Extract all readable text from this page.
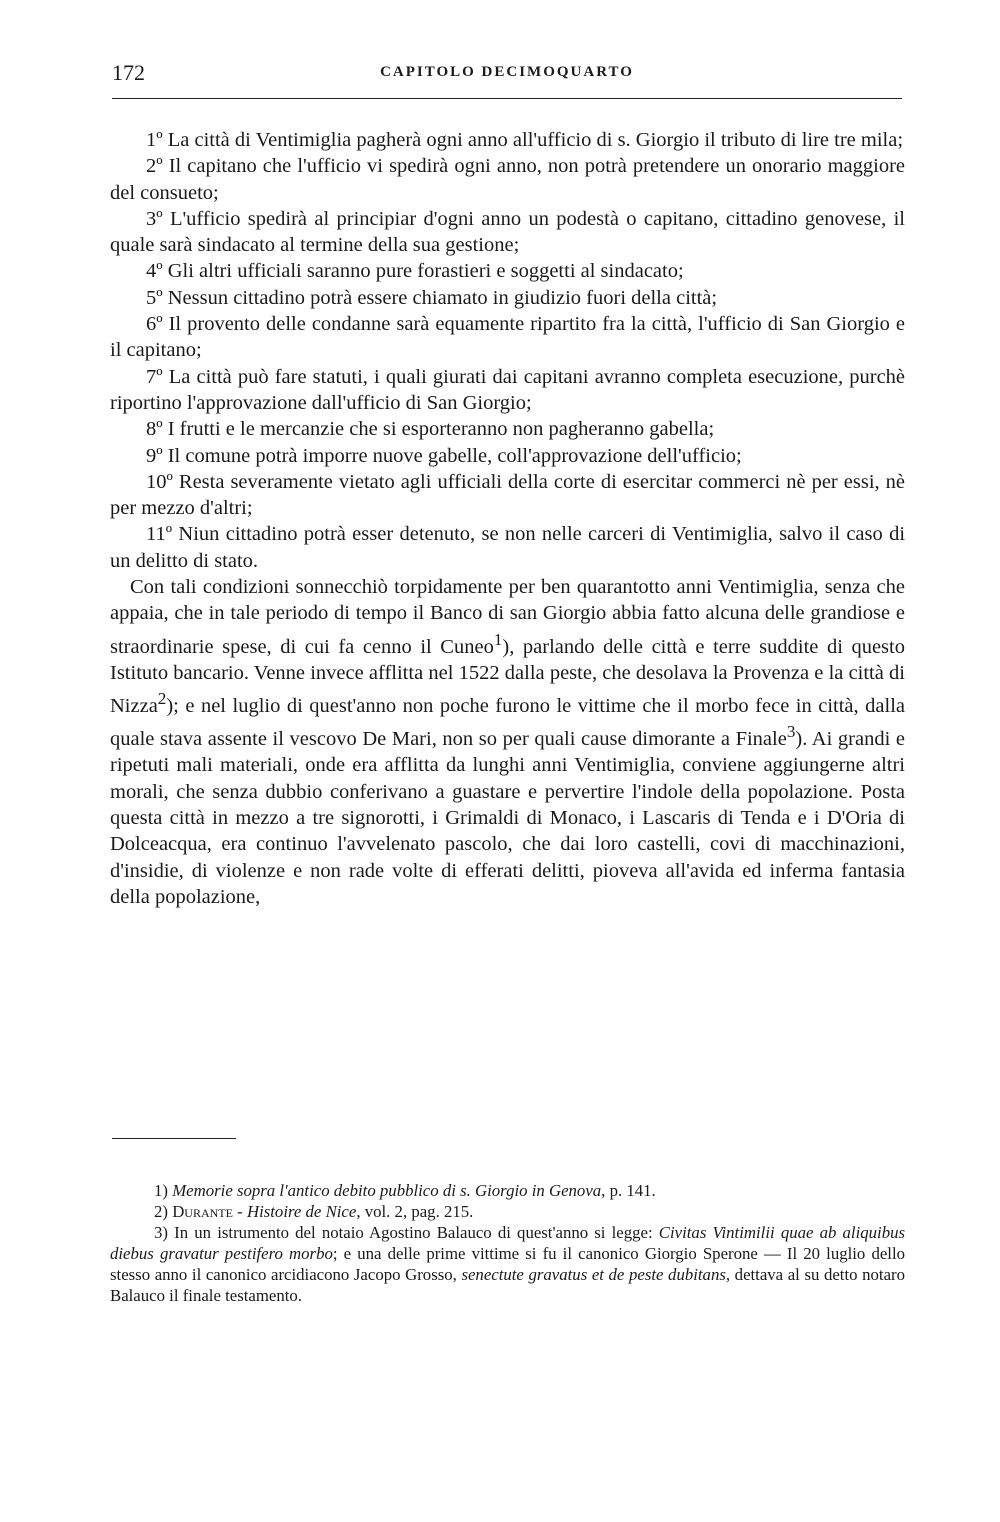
172	CAPITOLO DECIMOQUARTO

1º La città di Ventimiglia pagherà ogni anno all'ufficio di s. Giorgio il tributo di lire tre mila;

2º Il capitano che l'ufficio vi spedirà ogni anno, non potrà pretendere un onorario maggiore del consueto;

3º L'ufficio spedirà al principiar d'ogni anno un podestà o capitano, cittadino genovese, il quale sarà sindacato al termine della sua gestione;

4º Gli altri ufficiali saranno pure forastieri e soggetti al sindacato;

5º Nessun cittadino potrà essere chiamato in giudizio fuori della città;

6º Il provento delle condanne sarà equamente ripartito fra la città, l'ufficio di San Giorgio e il capitano;

7º La città può fare statuti, i quali giurati dai capitani avranno completa esecuzione, purchè riportino l'approvazione dall'ufficio di San Giorgio;

8º I frutti e le mercanzie che si esporteranno non pagheranno gabella;

9º Il comune potrà imporre nuove gabelle, coll'approvazione dell'ufficio;

10º Resta severamente vietato agli ufficiali della corte di esercitar commerci nè per essi, nè per mezzo d'altri;

11º Niun cittadino potrà esser detenuto, se non nelle carceri di Ventimiglia, salvo il caso di un delitto di stato.

Con tali condizioni sonnecchiò torpidamente per ben quarantotto anni Ventimiglia, senza che appaia, che in tale periodo di tempo il Banco di san Giorgio abbia fatto alcuna delle grandiose e straordinarie spese, di cui fa cenno il Cuneo$^1$), parlando delle città e terre suddite di questo Istituto bancario. Venne invece afflitta nel 1522 dalla peste, che desolava la Provenza e la città di Nizza$^2$); e nel luglio di quest'anno non poche furono le vittime che il morbo fece in città, dalla quale stava assente il vescovo De Mari, non so per quali cause dimorante a Finale$^3$). Ai grandi e ripetuti mali materiali, onde era afflitta da lunghi anni Ventimiglia, conviene aggiungerne altri morali, che senza dubbio conferivano a guastare e pervertire l'indole della popolazione. Posta questa città in mezzo a tre signorotti, i Grimaldi di Monaco, i Lascaris di Tenda e i D'Oria di Dolceacqua, era continuo l'avvelenato pascolo, che dai loro castelli, covi di macchinazioni, d'insidie, di violenze e non rade volte di efferati delitti, pioveva all'avida ed inferma fantasia della popolazione,

1) Memorie sopra l'antico debito pubblico di s. Giorgio in Genova, p. 141.

2) Durante - Histoire de Nice, vol. 2, pag. 215.

3) In un istrumento del notaio Agostino Balauco di quest'anno si legge: Civitas Vintimilii quae ab aliquibus diebus gravatur pestifero morbo; e una delle prime vittime si fu il canonico Giorgio Sperone — Il 20 luglio dello stesso anno il canonico arcidiacono Jacopo Grosso, senectute gravatus et de peste dubitans, dettava al su detto notaro Balauco il finale testamento.
